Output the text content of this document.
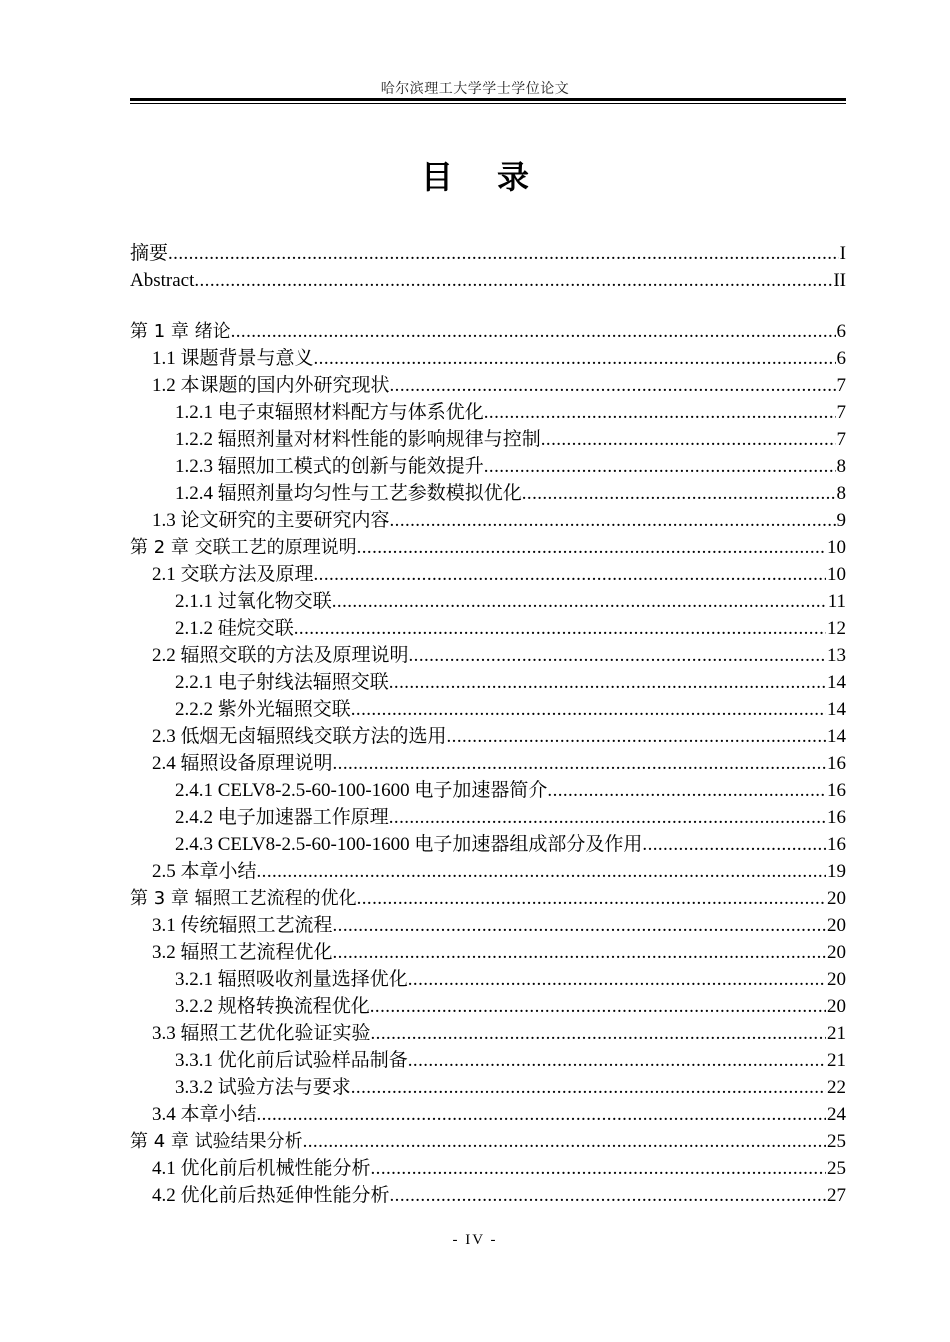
哈尔滨理工大学学士学位论文
目录
摘要 .....	I
Abstract .....	II
第 1 章 绪论 .....	6
1.1 课题背景与意义 .....	6
1.2 本课题的国内外研究现状 .....	7
1.2.1 电子束辐照材料配方与体系优化 .....	7
1.2.2 辐照剂量对材料性能的影响规律与控制 .....	7
1.2.3 辐照加工模式的创新与能效提升 .....	8
1.2.4 辐照剂量均匀性与工艺参数模拟优化 .....	8
1.3 论文研究的主要研究内容 .....	9
第 2 章 交联工艺的原理说明 .....	10
2.1 交联方法及原理 .....	10
2.1.1 过氧化物交联 .....	11
2.1.2 硅烷交联 .....	12
2.2 辐照交联的方法及原理说明 .....	13
2.2.1 电子射线法辐照交联 .....	14
2.2.2 紫外光辐照交联 .....	14
2.3 低烟无卤辐照线交联方法的选用 .....	14
2.4 辐照设备原理说明 .....	16
2.4.1 CELV8-2.5-60-100-1600 电子加速器简介 .....	16
2.4.2 电子加速器工作原理 .....	16
2.4.3 CELV8-2.5-60-100-1600 电子加速器组成部分及作用 .....	16
2.5 本章小结 .....	19
第 3 章 辐照工艺流程的优化 .....	20
3.1 传统辐照工艺流程 .....	20
3.2 辐照工艺流程优化 .....	20
3.2.1 辐照吸收剂量选择优化 .....	20
3.2.2 规格转换流程优化 .....	20
3.3 辐照工艺优化验证实验 .....	21
3.3.1 优化前后试验样品制备 .....	21
3.3.2 试验方法与要求 .....	22
3.4 本章小结 .....	24
第 4 章 试验结果分析 .....	25
4.1 优化前后机械性能分析 .....	25
4.2 优化前后热延伸性能分析 .....	27
- IV -
